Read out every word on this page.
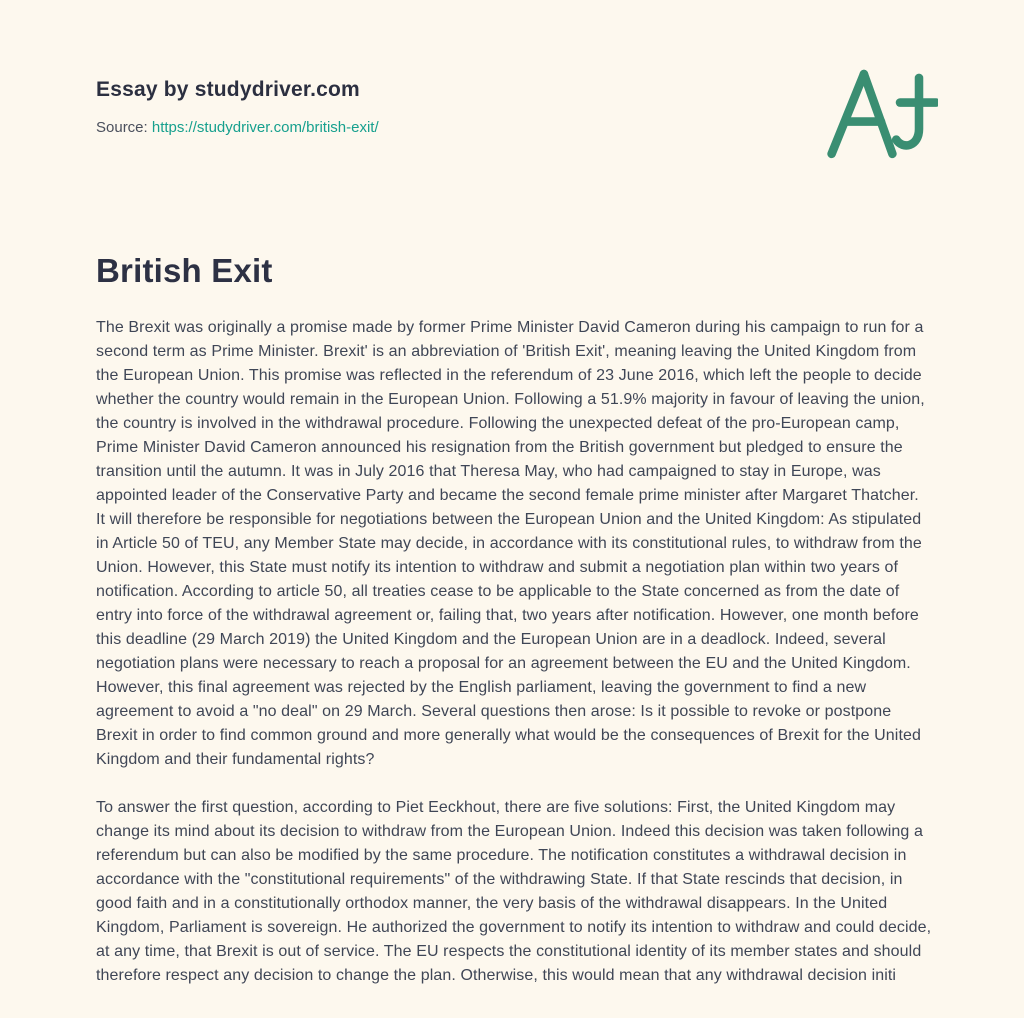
Essay by studydriver.com
Source: https://studydriver.com/british-exit/
British Exit

The Brexit was originally a promise made by former Prime Minister David Cameron during his campaign to run for a second term as Prime Minister. Brexit' is an abbreviation of 'British Exit', meaning leaving the United Kingdom from the European Union. This promise was reflected in the referendum of 23 June 2016, which left the people to decide whether the country would remain in the European Union. Following a 51.9% majority in favour of leaving the union, the country is involved in the withdrawal procedure. Following the unexpected defeat of the pro-European camp, Prime Minister David Cameron announced his resignation from the British government but pledged to ensure the transition until the autumn. It was in July 2016 that Theresa May, who had campaigned to stay in Europe, was appointed leader of the Conservative Party and became the second female prime minister after Margaret Thatcher. It will therefore be responsible for negotiations between the European Union and the United Kingdom: As stipulated in Article 50 of TEU, any Member State may decide, in accordance with its constitutional rules, to withdraw from the Union. However, this State must notify its intention to withdraw and submit a negotiation plan within two years of notification. According to article 50, all treaties cease to be applicable to the State concerned as from the date of entry into force of the withdrawal agreement or, failing that, two years after notification. However, one month before this deadline (29 March 2019) the United Kingdom and the European Union are in a deadlock. Indeed, several negotiation plans were necessary to reach a proposal for an agreement between the EU and the United Kingdom. However, this final agreement was rejected by the English parliament, leaving the government to find a new agreement to avoid a "no deal" on 29 March. Several questions then arose: Is it possible to revoke or postpone Brexit in order to find common ground and more generally what would be the consequences of Brexit for the United Kingdom and their fundamental rights?

To answer the first question, according to Piet Eeckhout, there are five solutions: First, the United Kingdom may change its mind about its decision to withdraw from the European Union. Indeed this decision was taken following a referendum but can also be modified by the same procedure. The notification constitutes a withdrawal decision in accordance with the "constitutional requirements" of the withdrawing State. If that State rescinds that decision, in good faith and in a constitutionally orthodox manner, the very basis of the withdrawal disappears. In the United Kingdom, Parliament is sovereign. He authorized the government to notify its intention to withdraw and could decide, at any time, that Brexit is out of service. The EU respects the constitutional identity of its member states and should therefore respect any decision to change the plan. Otherwise, this would mean that any withdrawal decision initi
